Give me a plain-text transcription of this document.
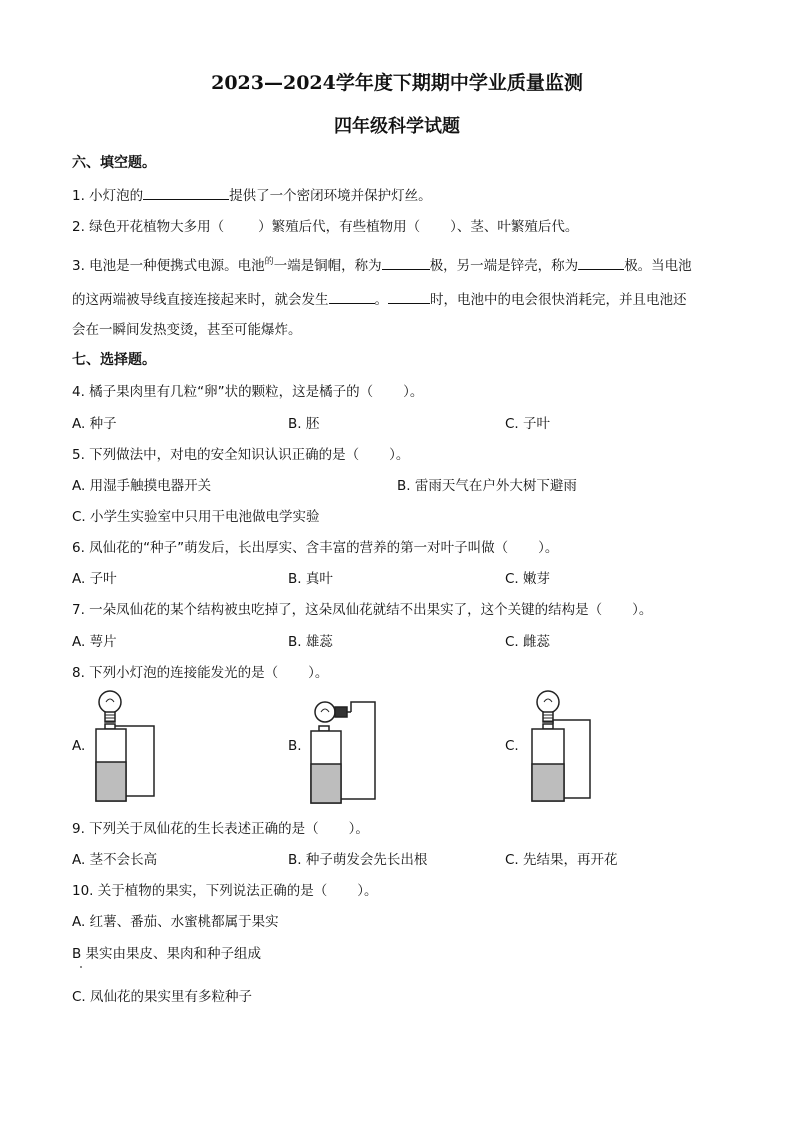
2023—2024学年度下期期中学业质量监测
四年级科学试题
六、填空题。
1. 小灯泡的	提供了一个密闭环境并保护灯丝。
2. 绿色开花植物大多用（	）繁殖后代，有些植物用（ ）、茎、叶繁殖后代。
3. 电池是一种便携式电源。电池$^的$一端是铜帽，称为	极，另一端是锌壳，称为	极。当电池
的这两端被导线直接连接起来时，就会发生	。	时，电池中的电会很快消耗完，并且电池还
会在一瞬间发热变烫，甚至可能爆炸。
七、选择题。
4. 橘子果肉里有几粒“卵”状的颗粒，这是橘子的（ ）。
A. 种子	B. 胚	C. 子叶
5. 下列做法中，对电的安全知识认识正确的是（ ）。
A. 用湿手触摸电器开关	B. 雷雨天气在户外大树下避雨
C. 小学生实验室中只用干电池做电学实验
6. 凤仙花的“种子”萌发后，长出厚实、含丰富的营养的第一对叶子叫做（ ）。
A. 子叶	B. 真叶	C. 嫩芽
7. 一朵凤仙花的某个结构被虫吃掉了，这朵凤仙花就结不出果实了，这个关键的结构是（ ）。
A. 萼片	B. 雄蕊	C. 雌蕊
8. 下列小灯泡的连接能发光的是（ ）。
A.	B.	C.
9. 下列关于凤仙花的生长表述正确的是（ ）。
A. 茎不会长高	B. 种子萌发会先长出根	C. 先结果，再开花
10. 关于植物的果实，下列说法正确的是（ ）。
A. 红薯、番茄、水蜜桃都属于果实
B 果实由果皮、果肉和种子组成
C. 凤仙花的果实里有多粒种子
